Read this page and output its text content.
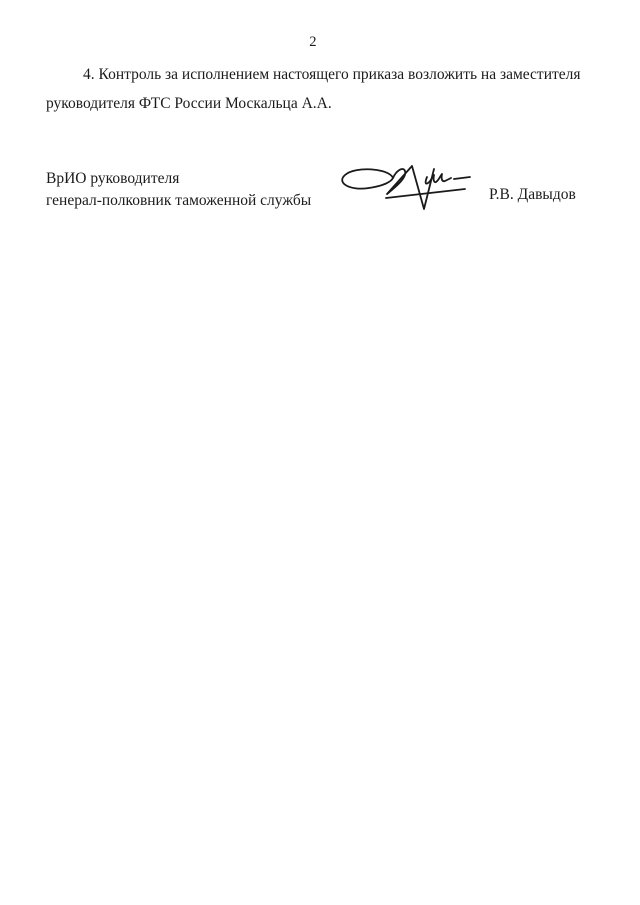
2
4. Контроль за исполнением настоящего приказа возложить на заместителя
руководителя ФТС России Москальца А.А.
ВрИО руководителя
генерал-полковник таможенной службы	Р.В. Давыдов
